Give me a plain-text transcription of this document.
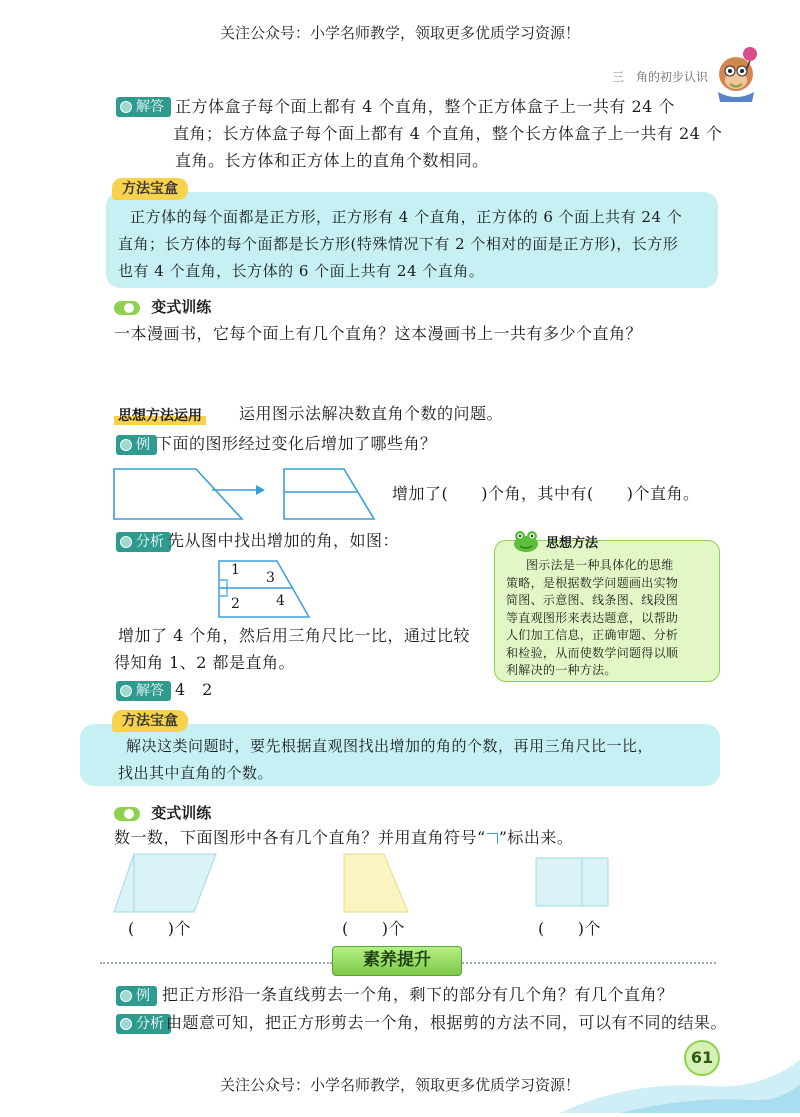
关注公众号：小学名师教学，领取更多优质学习资源！
三　角的初步认识
解答 正方体盒子每个面上都有 4 个直角，整个正方体盒子上一共有 24 个
直角；长方体盒子每个面上都有 4 个直角，整个长方体盒子上一共有 24 个
直角。长方体和正方体上的直角个数相同。
方法宝盒
正方体的每个面都是正方形，正方形有 4 个直角，正方体的 6 个面上共有 24 个
直角；长方体的每个面都是长方形(特殊情况下有 2 个相对的面是正方形)，长方形
也有 4 个直角，长方体的 6 个面上共有 24 个直角。
变式训练
一本漫画书，它每个面上有几个直角？这本漫画书上一共有多少个直角？
思想方法运用 运用图示法解决数直角个数的问题。
例 下面的图形经过变化后增加了哪些角？
增加了(　　)个角，其中有(　　)个直角。
分析 先从图中找出增加的角，如图：
1 3
2	4
增加了 4 个角，然后用三角尺比一比，通过比较
得知角 1、2 都是直角。
解答 4　2
思想方法
图示法是一种具体化的思维
策略，是根据数学问题画出实物
简图、示意图、线条图、线段图
等直观图形来表达题意，以帮助
人们加工信息，正确审题、分析
和检验，从而使数学问题得以顺
利解决的一种方法。
方法宝盒
解决这类问题时，要先根据直观图找出增加的角的个数，再用三角尺比一比，
找出其中直角的个数。
变式训练
数一数，下面图形中各有几个直角？并用直角符号“ ”标出来。
(　　)个	(　　)个	(　　)个
素养提升
例 把正方形沿一条直线剪去一个角，剩下的部分有几个角？有几个直角？
分析 由题意可知，把正方形剪去一个角，根据剪的方法不同，可以有不同的结果。
61
关注公众号：小学名师教学，领取更多优质学习资源！
